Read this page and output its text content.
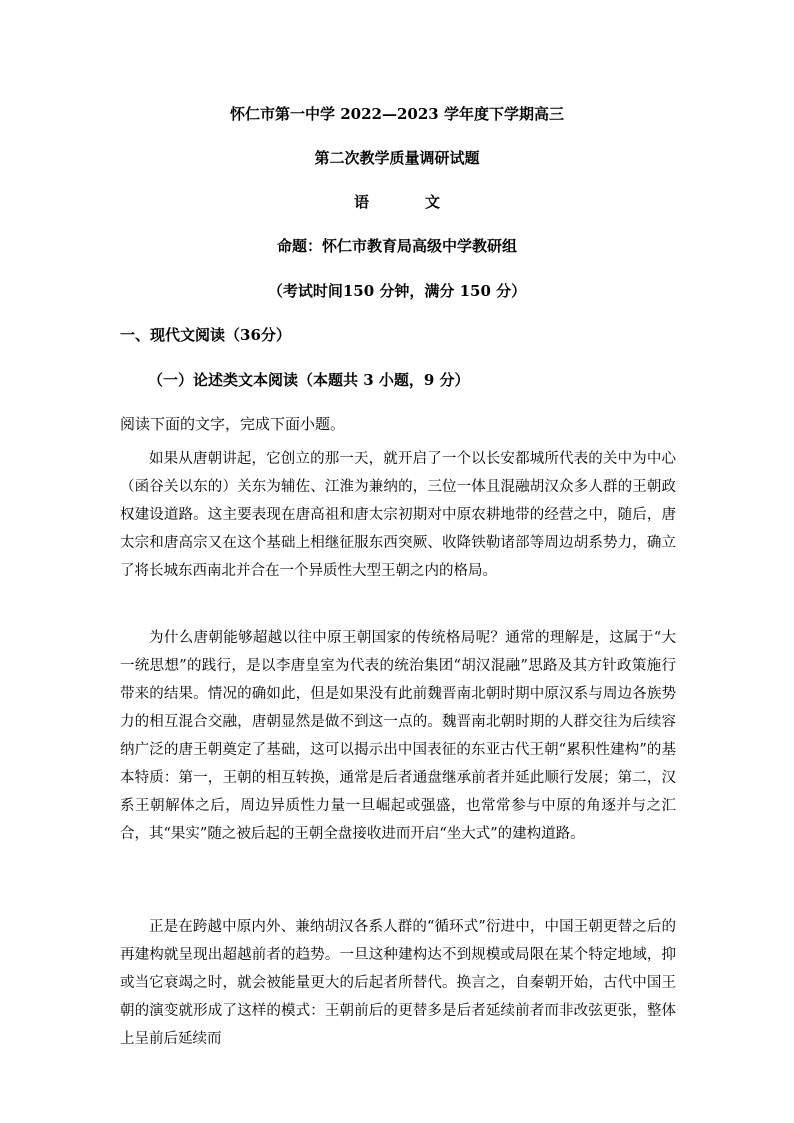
怀仁市第一中学 2022—2023 学年度下学期高三
第二次教学质量调研试题
语	文
命题：怀仁市教育局高级中学教研组
（考试时间150 分钟，满分 150 分）
一、现代文阅读（36分）
（一）论述类文本阅读（本题共 3 小题，9 分）
阅读下面的文字，完成下面小题。

如果从唐朝讲起，它创立的那一天，就开启了一个以长安都城所代表的关中为中心（函谷关以东的）关东为辅佐、江淮为兼纳的，三位一体且混融胡汉众多人群的王朝政权建设道路。这主要表现在唐高祖和唐太宗初期对中原农耕地带的经营之中，随后，唐太宗和唐高宗又在这个基础上相继征服东西突厥、收降铁勒诸部等周边胡系势力，确立了将长城东西南北并合在一个异质性大型王朝之内的格局。

为什么唐朝能够超越以往中原王朝国家的传统格局呢？通常的理解是，这属于“大一统思想”的践行，是以李唐皇室为代表的统治集团“胡汉混融”思路及其方针政策施行带来的结果。情况的确如此，但是如果没有此前魏晋南北朝时期中原汉系与周边各族势力的相互混合交融，唐朝显然是做不到这一点的。魏晋南北朝时期的人群交往为后续容纳广泛的唐王朝奠定了基础，这可以揭示出中国表征的东亚古代王朝“累积性建构”的基本特质：第一，王朝的相互转换，通常是后者通盘继承前者并延此顺行发展；第二，汉系王朝解体之后，周边异质性力量一旦崛起或强盛，也常常参与中原的角逐并与之汇合，其“果实”随之被后起的王朝全盘接收进而开启“坐大式”的建构道路。

正是在跨越中原内外、兼纳胡汉各系人群的“循环式”衍进中，中国王朝更替之后的再建构就呈现出超越前者的趋势。一旦这种建构达不到规模或局限在某个特定地域，抑或当它衰竭之时，就会被能量更大的后起者所替代。换言之，自秦朝开始，古代中国王朝的演变就形成了这样的模式：王朝前后的更替多是后者延续前者而非改弦更张，整体上呈前后延续而
